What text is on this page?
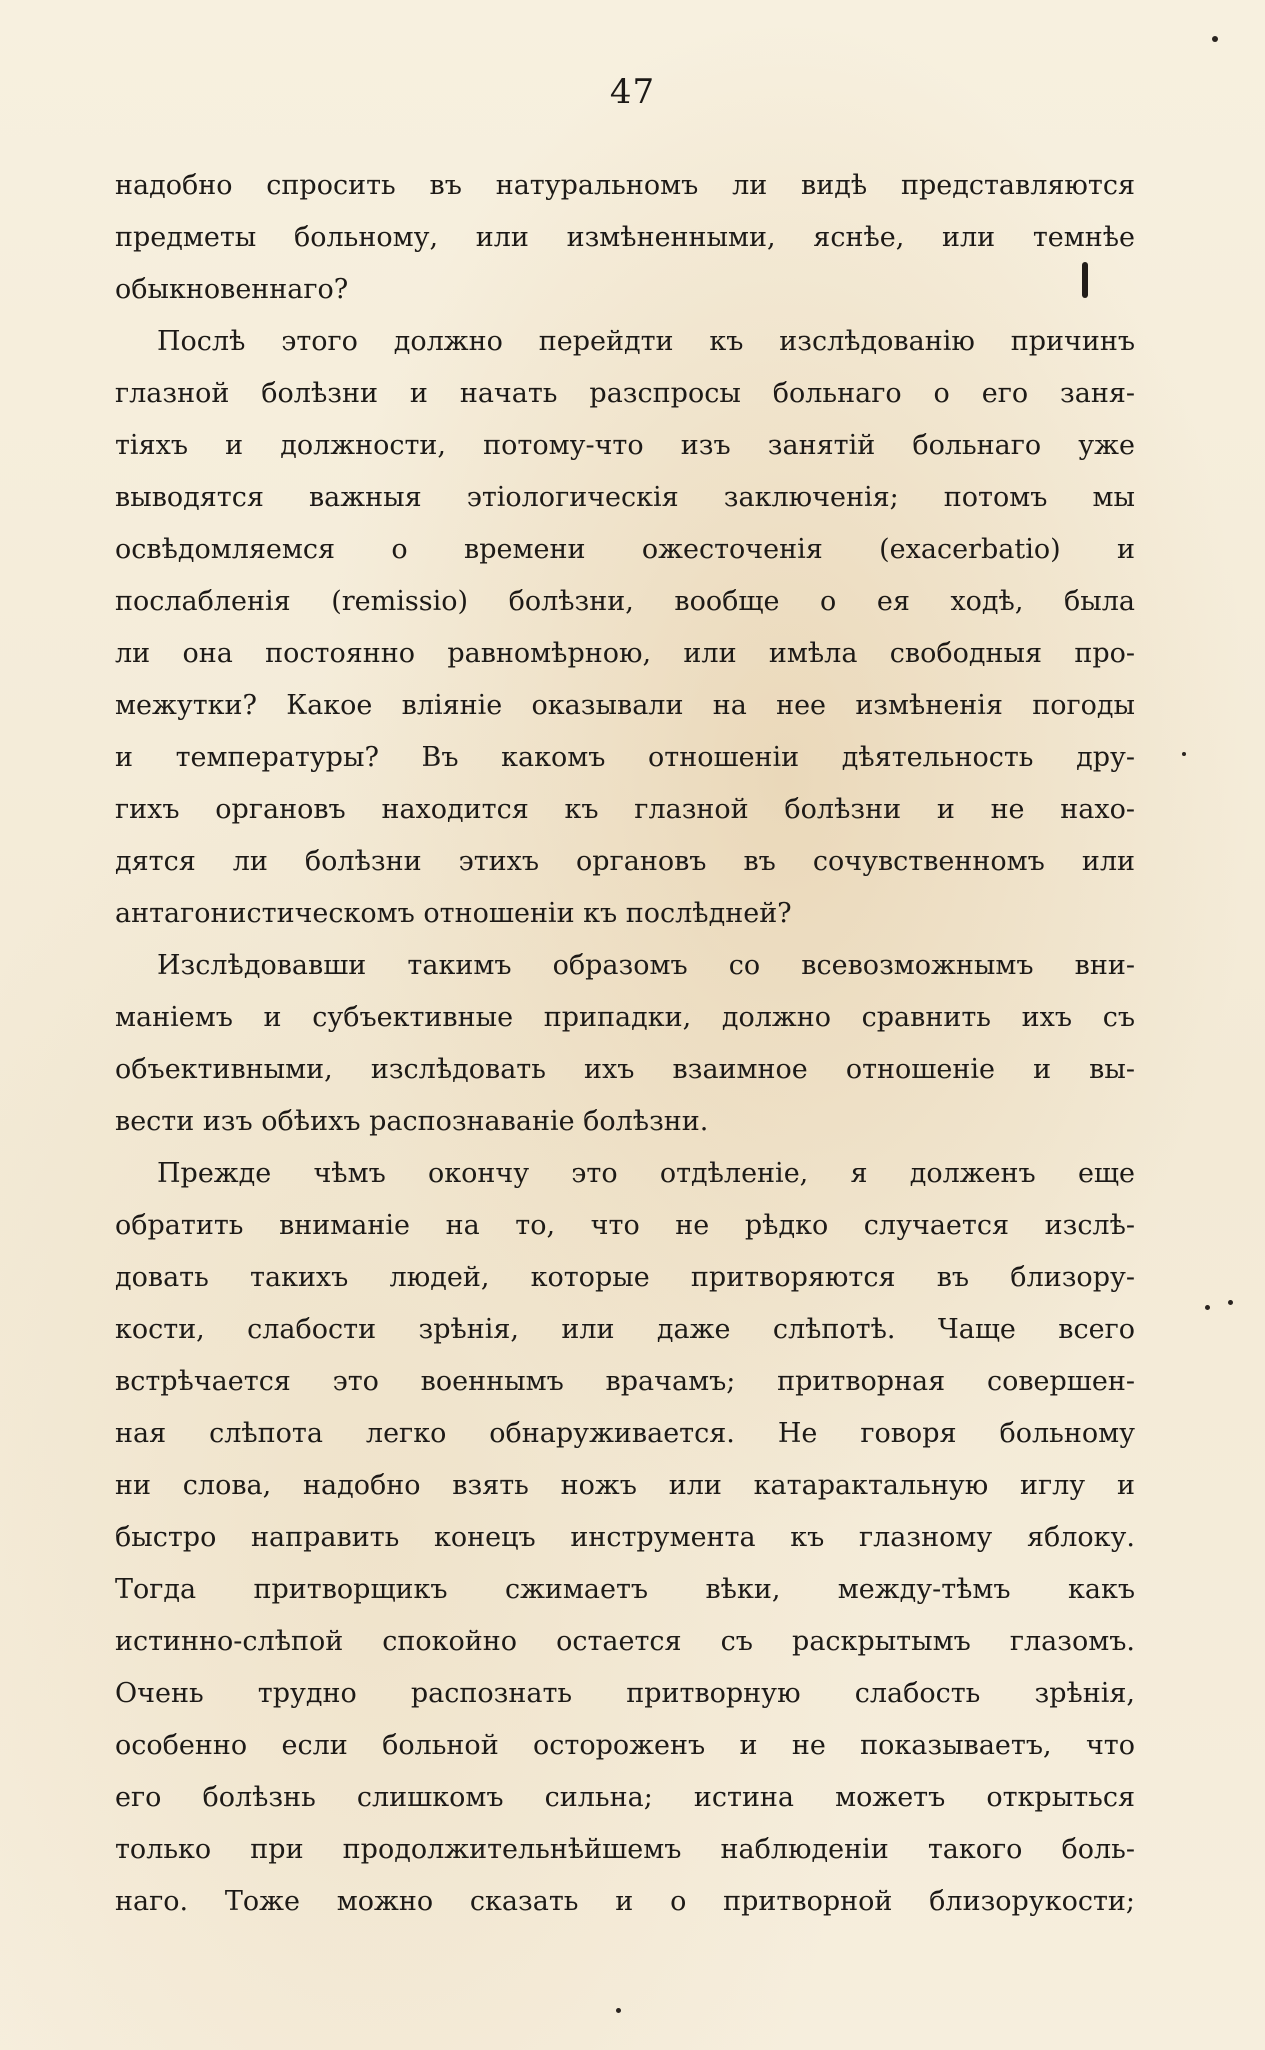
47
надобно спросить въ натуральномъ ли видѣ представляются
предметы больному, или измѣненными, яснѣе, или темнѣе
обыкновеннаго?
Послѣ этого должно перейдти къ изслѣдованію причинъ
глазной болѣзни и начать разспросы больнаго о его заня-
тіяхъ и должности, потому-что изъ занятій больнаго уже
выводятся важныя этіологическія заключенія; потомъ мы
освѣдомляемся о времени ожесточенія (exacerbatio) и
послабленія (remissio) болѣзни, вообще о ея ходѣ, была
ли она постоянно равномѣрною, или имѣла свободныя про-
межутки? Какое вліяніе оказывали на нее измѣненія погоды
и температуры? Въ какомъ отношеніи дѣятельность дру-
гихъ органовъ находится къ глазной болѣзни и не нахо-
дятся ли болѣзни этихъ органовъ въ сочувственномъ или
антагонистическомъ отношеніи къ послѣдней?
Изслѣдовавши такимъ образомъ со всевозможнымъ вни-
маніемъ и субъективные припадки, должно сравнить ихъ съ
объективными, изслѣдовать ихъ взаимное отношеніе и вы-
вести изъ обѣихъ распознаваніе болѣзни.
Прежде чѣмъ окончу это отдѣленіе, я долженъ еще
обратить вниманіе на то, что не рѣдко случается изслѣ-
довать такихъ людей, которые притворяются въ близору-
кости, слабости зрѣнія, или даже слѣпотѣ. Чаще всего
встрѣчается это военнымъ врачамъ; притворная совершен-
ная слѣпота легко обнаруживается. Не говоря больному
ни слова, надобно взять ножъ или катарактальную иглу и
быстро направить конецъ инструмента къ глазному яблоку.
Тогда притворщикъ сжимаетъ вѣки, между-тѣмъ какъ
истинно-слѣпой спокойно остается съ раскрытымъ глазомъ.
Очень трудно распознать притворную слабость зрѣнія,
особенно если больной остороженъ и не показываетъ, что
его болѣзнь слишкомъ сильна; истина можетъ открыться
только при продолжительнѣйшемъ наблюденіи такого боль-
наго. Тоже можно сказать и о притворной близорукости;
